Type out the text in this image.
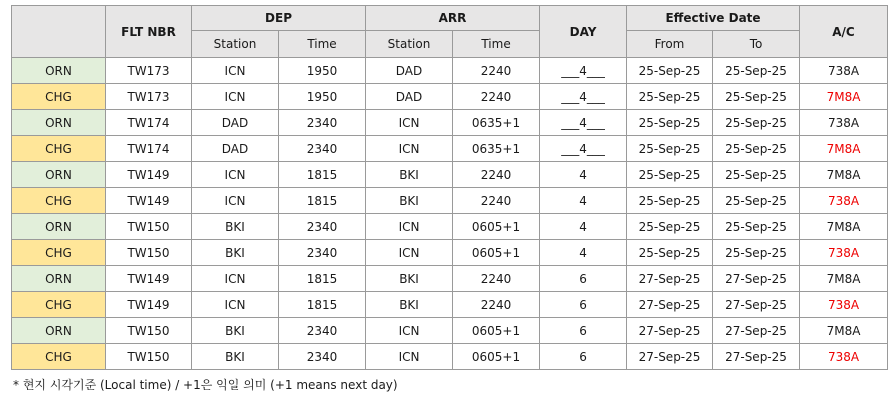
	FLT NBR	DEP		ARR		DAY	Effective Date		A/C
		Station	Time	Station	Time		From	To	
ORN	TW173	ICN	1950	DAD	2240	___4___	25-Sep-25	25-Sep-25	738A
CHG	TW173	ICN	1950	DAD	2240	___4___	25-Sep-25	25-Sep-25	7M8A
ORN	TW174	DAD	2340	ICN	0635+1	___4___	25-Sep-25	25-Sep-25	738A
CHG	TW174	DAD	2340	ICN	0635+1	___4___	25-Sep-25	25-Sep-25	7M8A
ORN	TW149	ICN	1815	BKI	2240	4	25-Sep-25	25-Sep-25	7M8A
CHG	TW149	ICN	1815	BKI	2240	4	25-Sep-25	25-Sep-25	738A
ORN	TW150	BKI	2340	ICN	0605+1	4	25-Sep-25	25-Sep-25	7M8A
CHG	TW150	BKI	2340	ICN	0605+1	4	25-Sep-25	25-Sep-25	738A
ORN	TW149	ICN	1815	BKI	2240	6	27-Sep-25	27-Sep-25	7M8A
CHG	TW149	ICN	1815	BKI	2240	6	27-Sep-25	27-Sep-25	738A
ORN	TW150	BKI	2340	ICN	0605+1	6	27-Sep-25	27-Sep-25	7M8A
CHG	TW150	BKI	2340	ICN	0605+1	6	27-Sep-25	27-Sep-25	738A
* 현지 시각기준 (Local time) / +1은 익일 의미 (+1 means next day)
